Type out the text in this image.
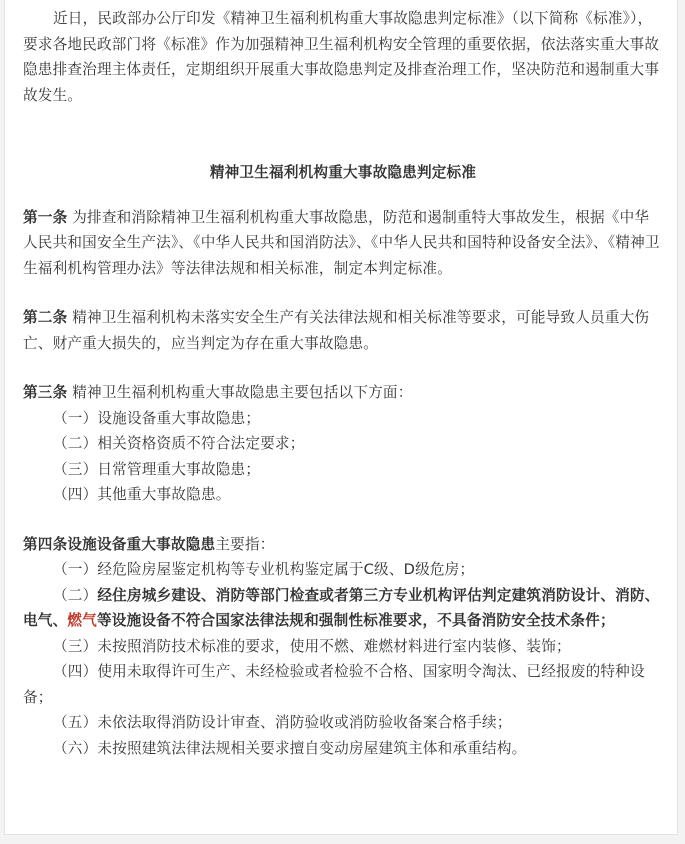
近日，民政部办公厅印发《精神卫生福利机构重大事故隐患判定标准》（以下简称《标准》），要求各地民政部门将《标准》作为加强精神卫生福利机构安全管理的重要依据，依法落实重大事故隐患排查治理主体责任，定期组织开展重大事故隐患判定及排查治理工作，坚决防范和遏制重大事故发生。

精神卫生福利机构重大事故隐患判定标准

第一条 为排查和消除精神卫生福利机构重大事故隐患，防范和遏制重特大事故发生，根据《中华人民共和国安全生产法》、《中华人民共和国消防法》、《中华人民共和国特种设备安全法》、《精神卫生福利机构管理办法》等法律法规和相关标准，制定本判定标准。

第二条 精神卫生福利机构未落实安全生产有关法律法规和相关标准等要求，可能导致人员重大伤亡、财产重大损失的，应当判定为存在重大事故隐患。

第三条 精神卫生福利机构重大事故隐患主要包括以下方面：

（一）设施设备重大事故隐患；

（二）相关资格资质不符合法定要求；

（三）日常管理重大事故隐患；

（四）其他重大事故隐患。

第四条设施设备重大事故隐患主要指：

（一）经危险房屋鉴定机构等专业机构鉴定属于C级、D级危房；

（二）经住房城乡建设、消防等部门检查或者第三方专业机构评估判定建筑消防设计、消防、电气、燃气等设施设备不符合国家法律法规和强制性标准要求，不具备消防安全技术条件；

（三）未按照消防技术标准的要求，使用不燃、难燃材料进行室内装修、装饰；

（四）使用未取得许可生产、未经检验或者检验不合格、国家明令淘汰、已经报废的特种设备；

（五）未依法取得消防设计审查、消防验收或消防验收备案合格手续；

（六）未按照建筑法律法规相关要求擅自变动房屋建筑主体和承重结构。
